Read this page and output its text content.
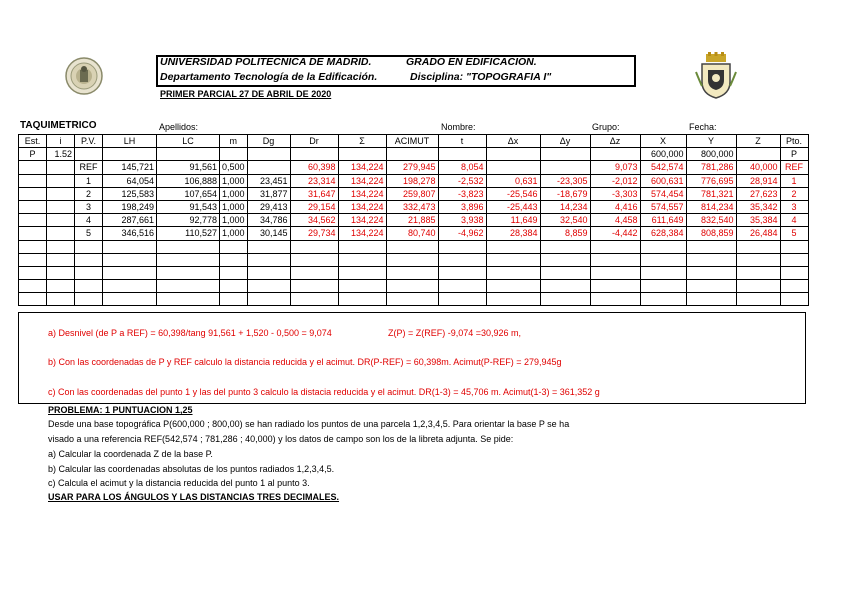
UNIVERSIDAD POLITECNICA DE MADRID.	GRADO EN EDIFICACION.
Departamento Tecnología de la Edificación.	Disciplina: "TOPOGRAFIA I"
PRIMER PARCIAL 27 DE ABRIL DE 2020
TAQUIMETRICO	Apellidos:	Nombre:	Grupo:	Fecha:
Est.	i	P.V.	LH	LC	m	Dg	Dr	Σ	ACIMUT	t	Δx	Δy	Δz	X	Y	Z	Pto.
P	1.52													600,000	800,000		P
		REF	145,721	91,561	0,500		60,398	134,224	279,945	8,054			9,073	542,574	781,286	40,000	REF
		1	64,054	106,888	1,000	23,451	23,314	134,224	198,278	-2,532	0,631	-23,305	-2,012	600,631	776,695	28,914	1
		2	125,583	107,654	1,000	31,877	31,647	134,224	259,807	-3,823	-25,546	-18,679	-3,303	574,454	781,321	27,623	2
		3	198,249	91,543	1,000	29,413	29,154	134,224	332,473	3,896	-25,443	14,234	4,416	574,557	814,234	35,342	3
		4	287,661	92,778	1,000	34,786	34,562	134,224	21,885	3,938	11,649	32,540	4,458	611,649	832,540	35,384	4
		5	346,516	110,527	1,000	30,145	29,734	134,224	80,740	-4,962	28,384	8,859	-4,442	628,384	808,859	26,484	5

a) Desnivel (de P a REF) = 60,398/tang 91,561 + 1,520 - 0,500 = 9,074	Z(P) = Z(REF) -9,074 =30,926 m,
b) Con las coordenadas de P y REF calculo la distancia reducida y el acimut. DR(P-REF) = 60,398m. Acimut(P-REF) = 279,945g
c) Con las coordenadas del punto 1 y las del punto 3 calculo la distacia reducida y el acimut. DR(1-3) = 45,706 m. Acimut(1-3) = 361,352 g
PROBLEMA: 1 PUNTUACION 1,25
Desde una base topográfica P(600,000 ; 800,00) se han radiado los puntos de una parcela 1,2,3,4,5. Para orientar la base P se ha
visado a una referencia REF(542,574 ; 781,286 ; 40,000) y los datos de campo son los de la libreta adjunta. Se pide:
a) Calcular la coordenada Z de la base P.
b) Calcular las coordenadas absolutas de los puntos radiados 1,2,3,4,5.
c) Calcula el acimut y la distancia reducida del punto 1 al punto 3.
USAR PARA LOS ÁNGULOS Y LAS DISTANCIAS TRES DECIMALES.
